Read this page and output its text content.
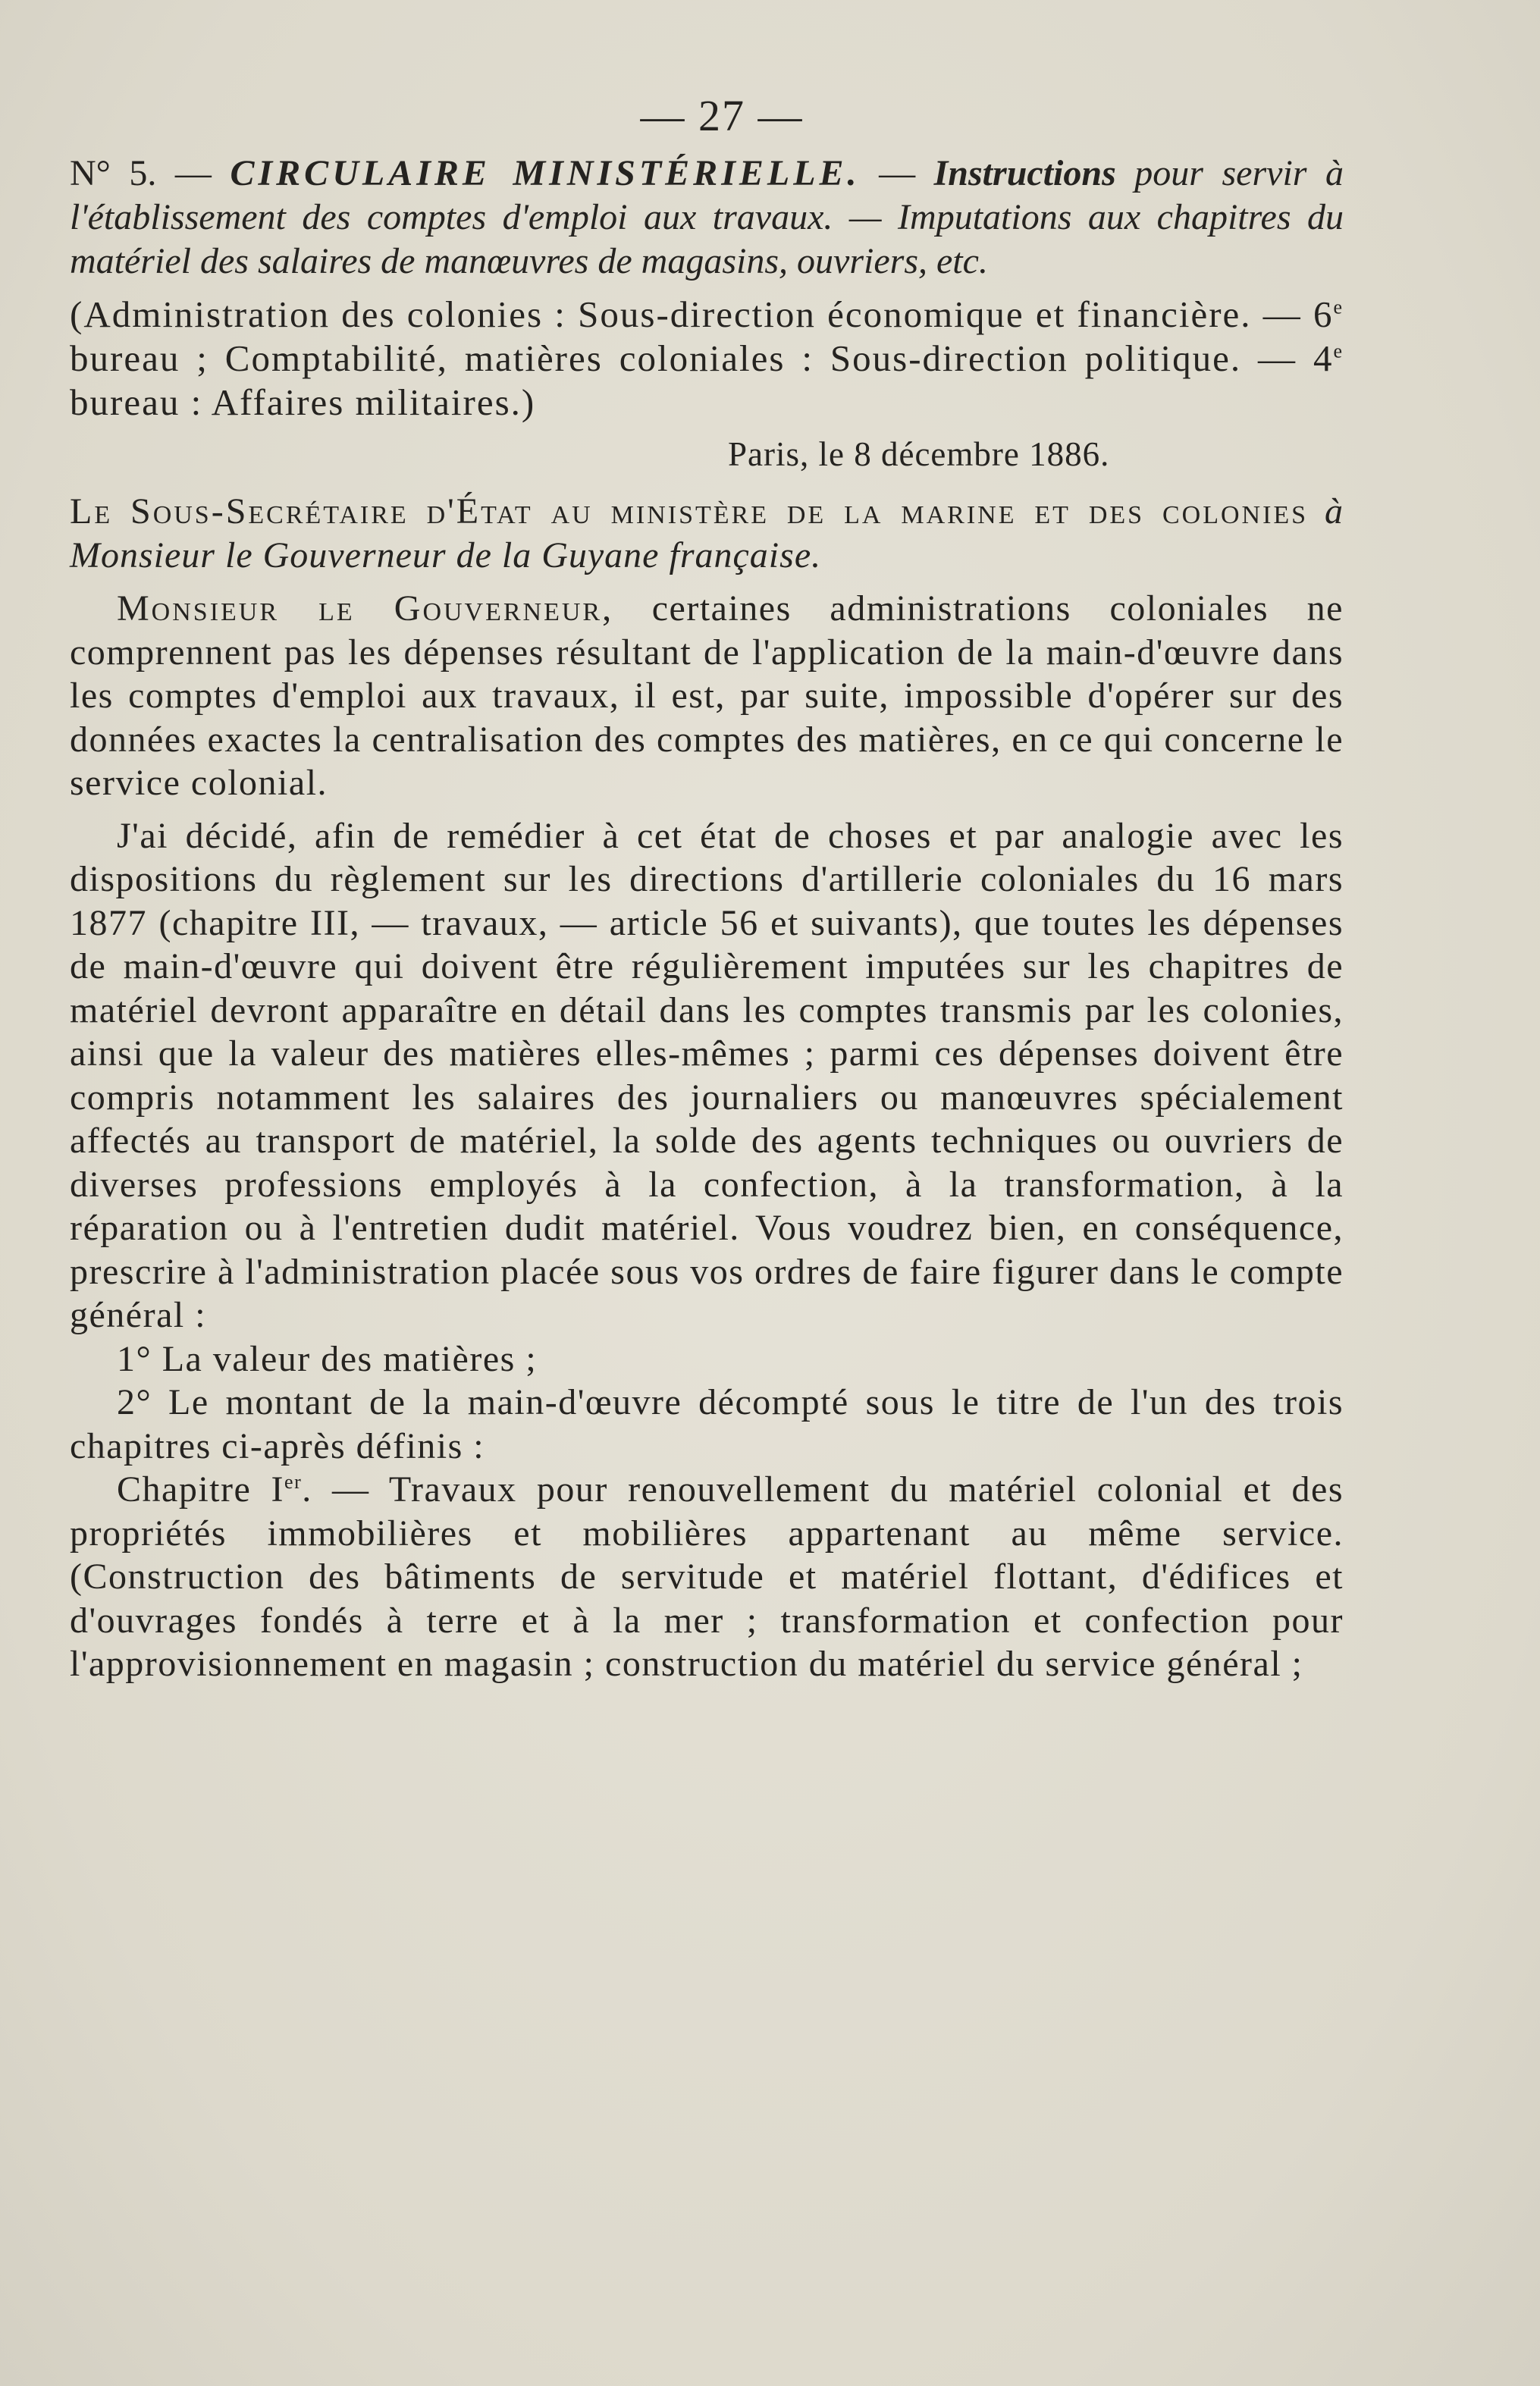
— 27 —

N° 5. — CIRCULAIRE MINISTÉRIELLE. — Instructions pour servir à l'établissement des comptes d'emploi aux travaux. — Imputations aux chapitres du matériel des salaires de manœuvres de magasins, ouvriers, etc.

(Administration des colonies : Sous-direction économique et financière. — 6e bureau ; Comptabilité, matières coloniales : Sous-direction politique. — 4e bureau : Affaires militaires.)

Paris, le 8 décembre 1886.

Le Sous-Secrétaire d'État au ministère de la marine et des colonies à Monsieur le Gouverneur de la Guyane française.

Monsieur le Gouverneur, certaines administrations coloniales ne comprennent pas les dépenses résultant de l'application de la main-d'œuvre dans les comptes d'emploi aux travaux, il est, par suite, impossible d'opérer sur des données exactes la centralisation des comptes des matières, en ce qui concerne le service colonial.

J'ai décidé, afin de remédier à cet état de choses et par analogie avec les dispositions du règlement sur les directions d'artillerie coloniales du 16 mars 1877 (chapitre III, — travaux, — article 56 et suivants), que toutes les dépenses de main-d'œuvre qui doivent être régulièrement imputées sur les chapitres de matériel devront apparaître en détail dans les comptes transmis par les colonies, ainsi que la valeur des matières elles-mêmes ; parmi ces dépenses doivent être compris notamment les salaires des journaliers ou manœuvres spécialement affectés au transport de matériel, la solde des agents techniques ou ouvriers de diverses professions employés à la confection, à la transformation, à la réparation ou à l'entretien dudit matériel. Vous voudrez bien, en conséquence, prescrire à l'administration placée sous vos ordres de faire figurer dans le compte général :

1° La valeur des matières ;

2° Le montant de la main-d'œuvre décompté sous le titre de l'un des trois chapitres ci-après définis :

Chapitre Ier. — Travaux pour renouvellement du matériel colonial et des propriétés immobilières et mobilières appartenant au même service. (Construction des bâtiments de servitude et matériel flottant, d'édifices et d'ouvrages fondés à terre et à la mer ; transformation et confection pour l'approvisionnement en magasin ; construction du matériel du service général ;
